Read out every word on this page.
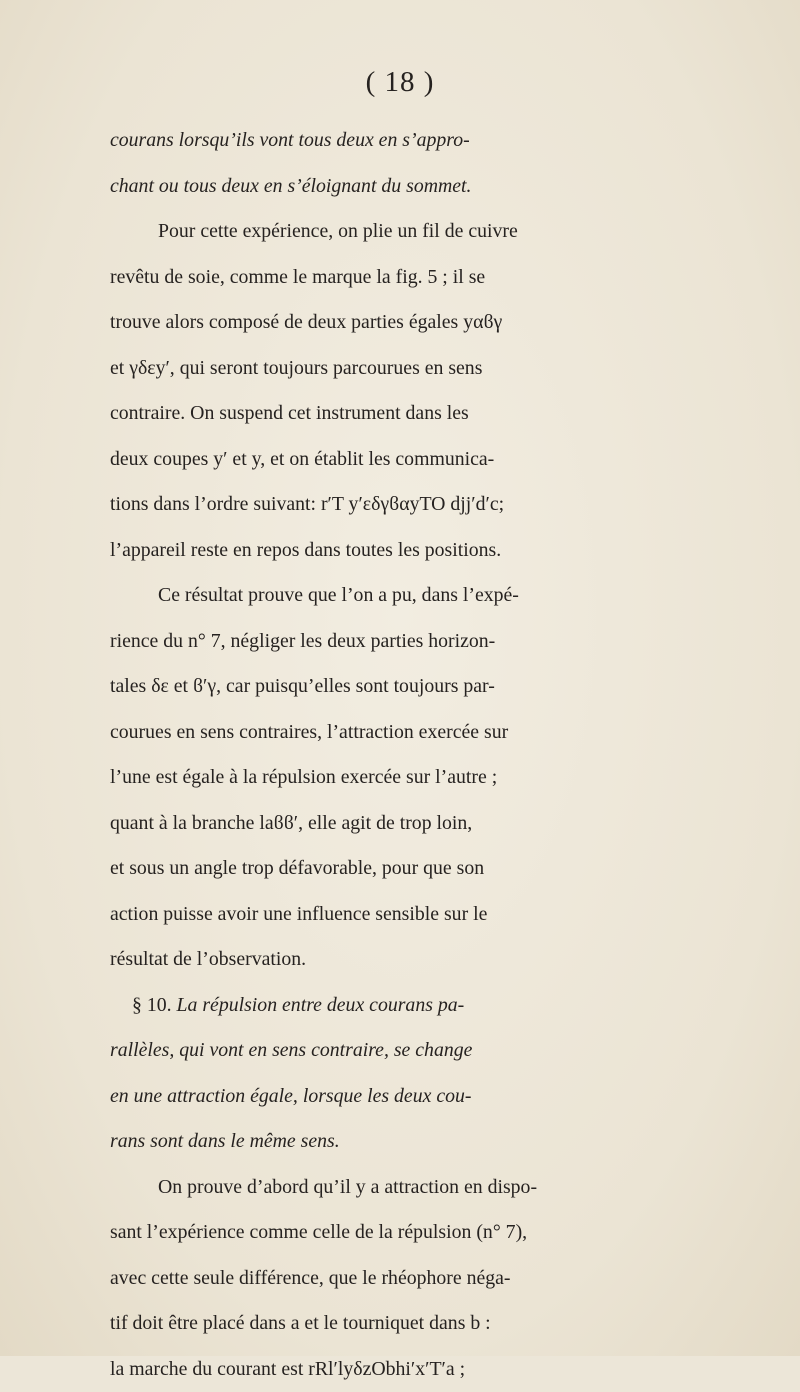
( 18 )
courans lorsqu’ils vont tous deux en s’appro-
chant ou tous deux en s’éloignant du sommet.
Pour cette expérience, on plie un fil de cuivre
revêtu de soie, comme le marque la fig. 5 ; il se
trouve alors composé de deux parties égales yαϐγ
et γδεy′, qui seront toujours parcourues en sens
contraire. On suspend cet instrument dans les
deux coupes y′ et y, et on établit les communica-
tions dans l’ordre suivant: r′T y′εδγϐαyTO djj′d′c;
l’appareil reste en repos dans toutes les positions.
Ce résultat prouve que l’on a pu, dans l’expé-
rience du n° 7, négliger les deux parties horizon-
tales δε et ϐ′γ, car puisqu’elles sont toujours par-
courues en sens contraires, l’attraction exercée sur
l’une est égale à la répulsion exercée sur l’autre ;
quant à la branche laϐϐ′, elle agit de trop loin,
et sous un angle trop défavorable, pour que son
action puisse avoir une influence sensible sur le
résultat de l’observation.
§ 10. La répulsion entre deux courans pa-
rallèles, qui vont en sens contraire, se change
en une attraction égale, lorsque les deux cou-
rans sont dans le même sens.
On prouve d’abord qu’il y a attraction en dispo-
sant l’expérience comme celle de la répulsion (n° 7),
avec cette seule différence, que le rhéophore néga-
tif doit être placé dans a et le tourniquet dans b :
la marche du courant est rRl′lyδzObhi′x′T′a ;
